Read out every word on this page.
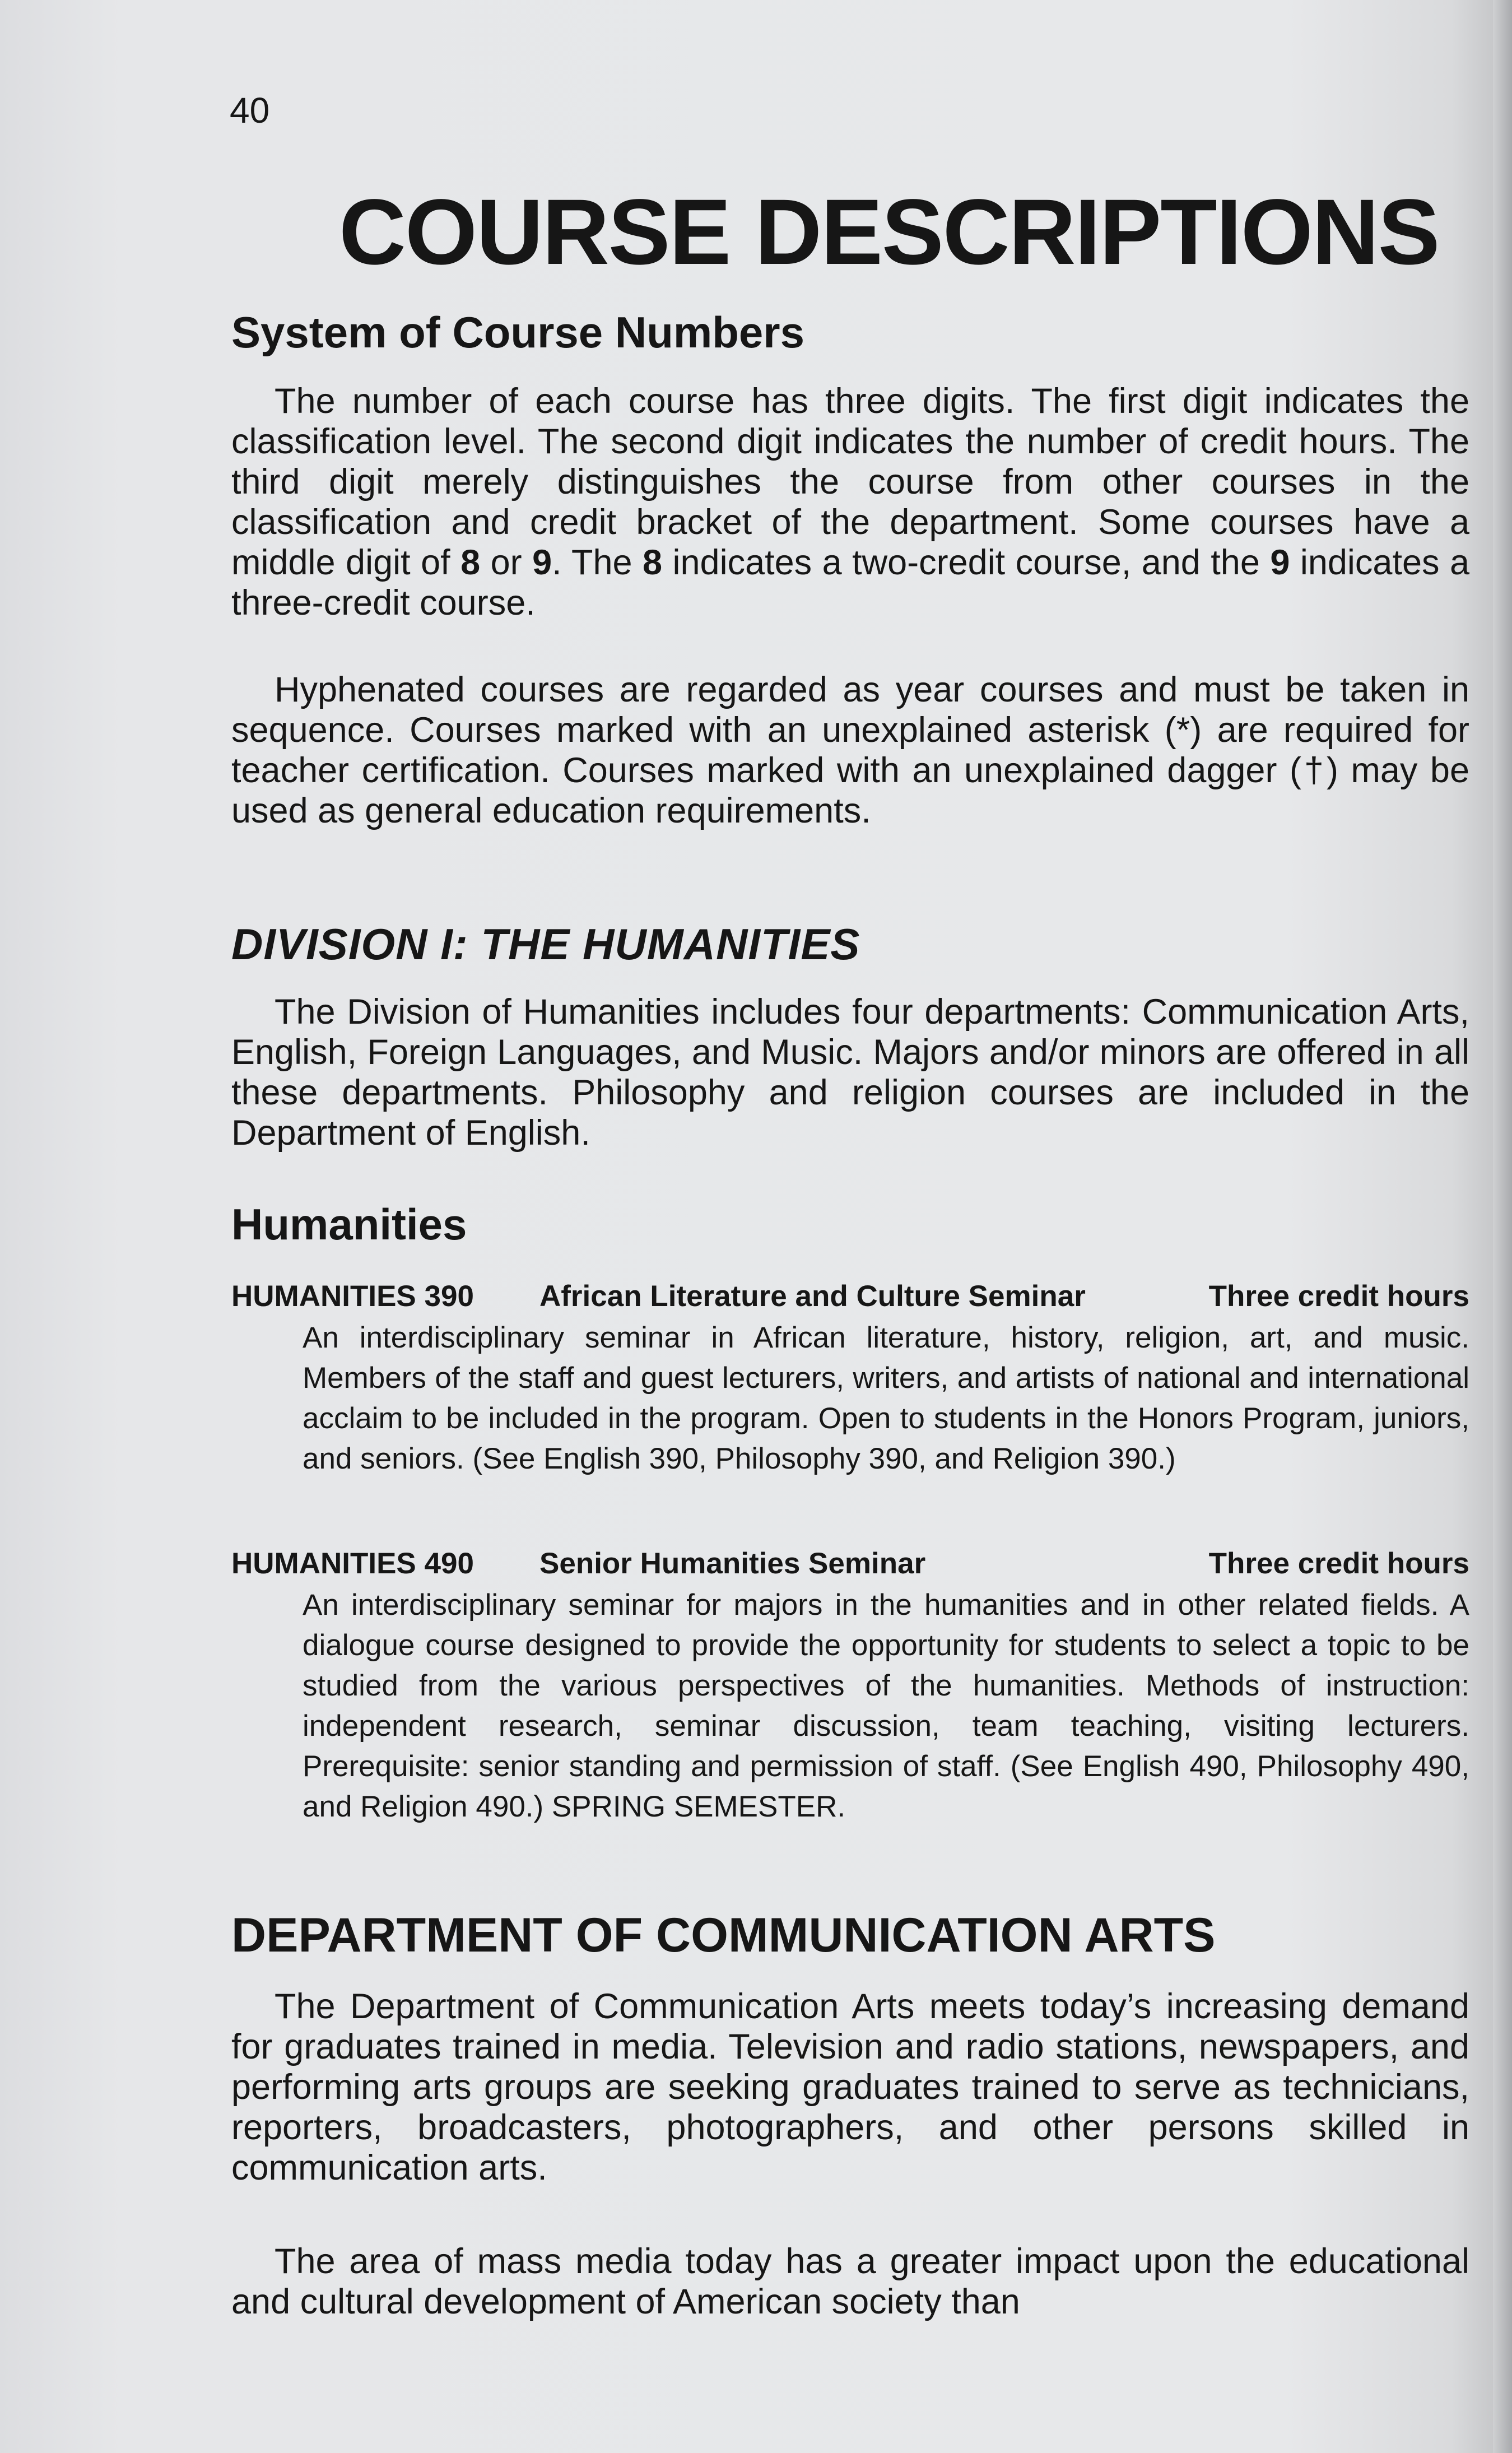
40
COURSE DESCRIPTIONS
System of Course Numbers

The number of each course has three digits. The first digit indicates the classification level. The second digit indicates the number of credit hours. The third digit merely distinguishes the course from other courses in the classification and credit bracket of the department. Some courses have a middle digit of 8 or 9. The 8 indicates a two-credit course, and the 9 indicates a three-credit course.

Hyphenated courses are regarded as year courses and must be taken in sequence. Courses marked with an unexplained asterisk (*) are required for teacher certification. Courses marked with an unexplained dagger (†) may be used as general education requirements.

DIVISION I: THE HUMANITIES

The Division of Humanities includes four departments: Communication Arts, English, Foreign Languages, and Music. Majors and/or minors are offered in all these departments. Philosophy and religion courses are included in the Department of English.

Humanities
HUMANITIES 390 African Literature and Culture Seminar	Three credit hours

An interdisciplinary seminar in African literature, history, religion, art, and music. Members of the staff and guest lecturers, writers, and artists of national and international acclaim to be included in the program. Open to students in the Honors Program, juniors, and seniors. (See English 390, Philosophy 390, and Religion 390.)

HUMANITIES 490 Senior Humanities Seminar	Three credit hours

An interdisciplinary seminar for majors in the humanities and in other related fields. A dialogue course designed to provide the opportunity for students to select a topic to be studied from the various perspectives of the humanities. Methods of instruction: independent research, seminar discussion, team teaching, visiting lecturers. Prerequisite: senior standing and permission of staff. (See English 490, Philosophy 490, and Religion 490.) SPRING SEMESTER.

DEPARTMENT OF COMMUNICATION ARTS

The Department of Communication Arts meets today’s increasing demand for graduates trained in media. Television and radio stations, newspapers, and performing arts groups are seeking graduates trained to serve as technicians, reporters, broadcasters, photographers, and other persons skilled in communication arts.

The area of mass media today has a greater impact upon the educational and cultural development of American society than
